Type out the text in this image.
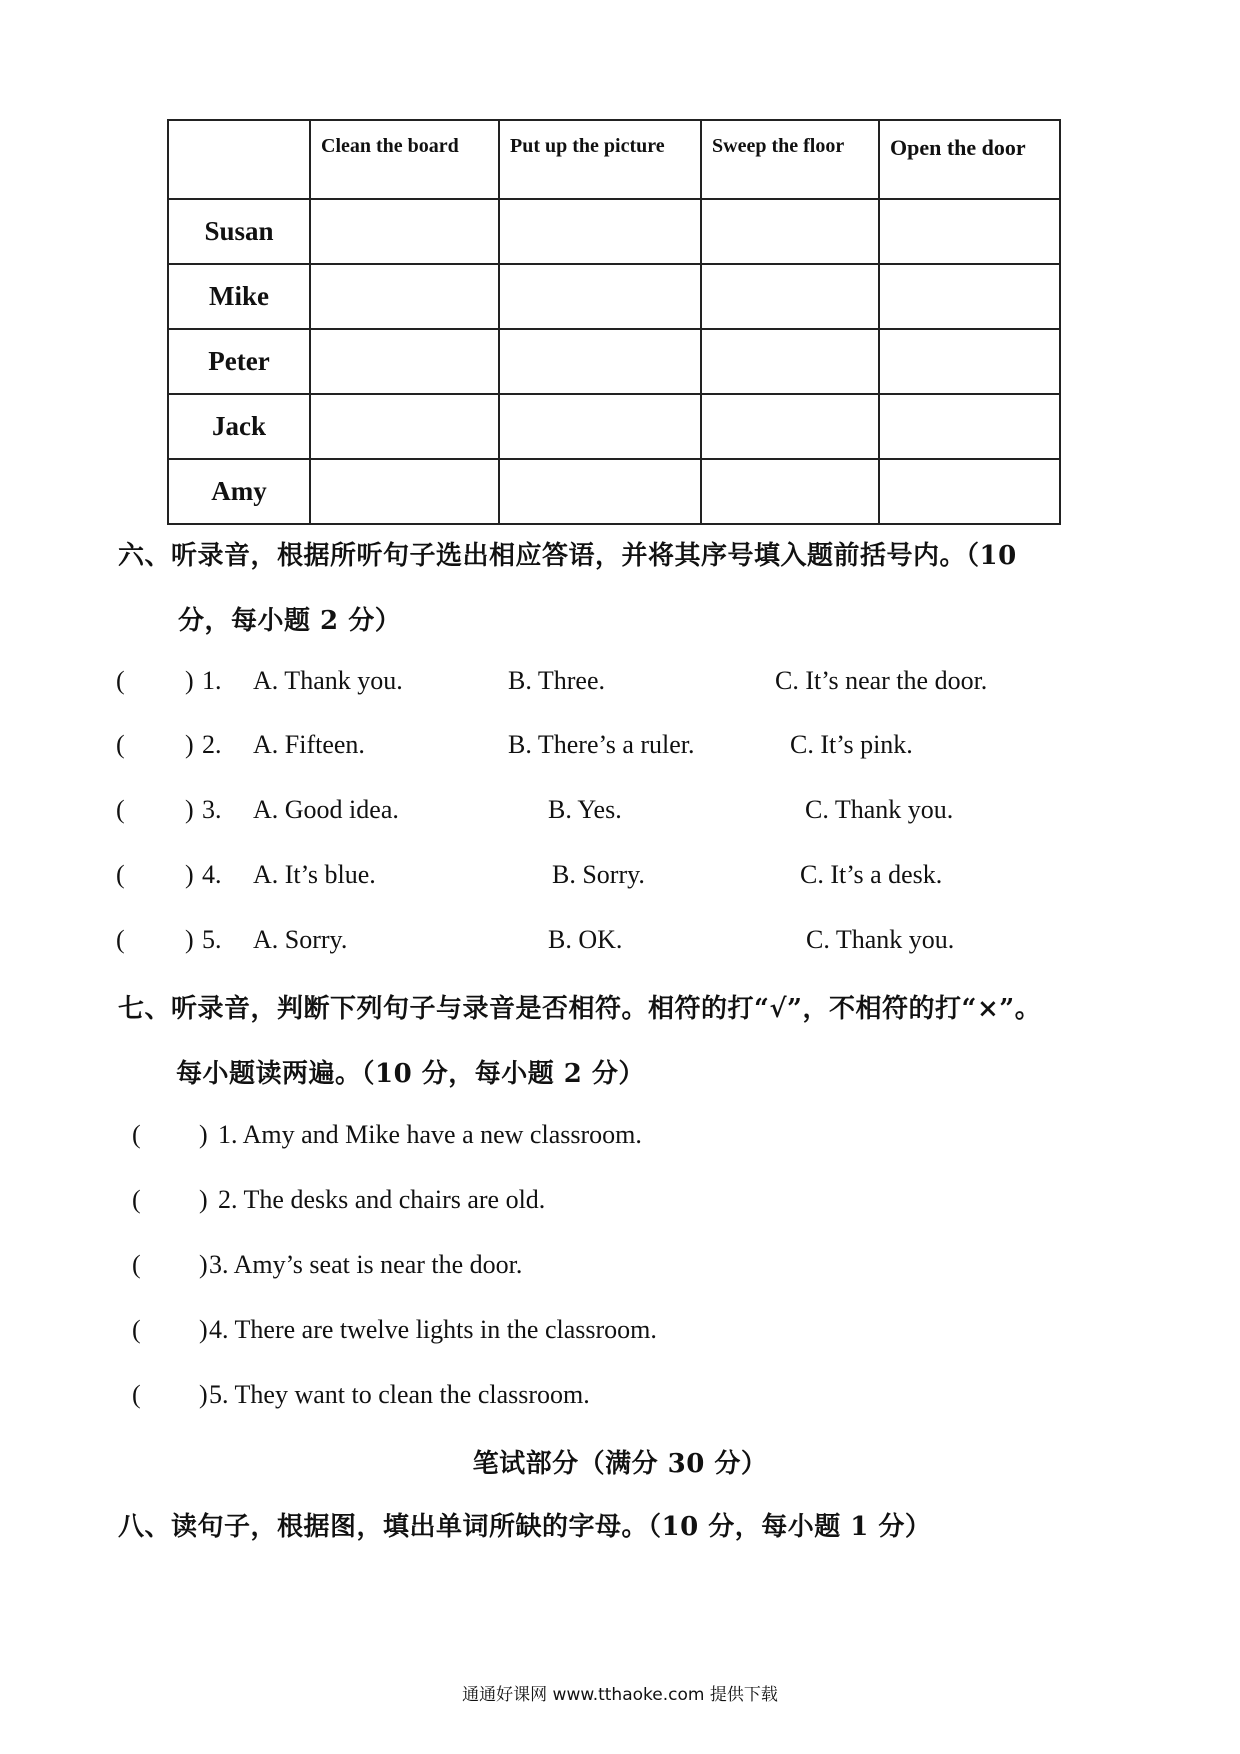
	Clean the board	Put up the picture	Sweep the floor	Open the door
Susan				
Mike				
Peter				
Jack				
Amy				
六、听录音，根据所听句子选出相应答语，并将其序号填入题前括号内。（10
分，每小题 2 分）
( ) 1. A. Thank you.	B. Three.	C. It’s near the door.
( ) 2. A. Fifteen.	B. There’s a ruler.	C. It’s pink.
( ) 3. A. Good idea.	B. Yes.	C. Thank you.
( ) 4. A. It’s blue.	B. Sorry.	C. It’s a desk.
( ) 5. A. Sorry.	B. OK.	C. Thank you.
七、听录音，判断下列句子与录音是否相符。相符的打“√”，不相符的打“×”。
每小题读两遍。（10 分，每小题 2 分）
( ) 1. Amy and Mike have a new classroom.
( ) 2. The desks and chairs are old.
( ) 3. Amy’s seat is near the door.
( ) 4. There are twelve lights in the classroom.
( ) 5. They want to clean the classroom.
笔试部分（满分 30 分）
八、读句子，根据图，填出单词所缺的字母。（10 分，每小题 1 分）
通通好课网 www.tthaoke.com 提供下载
